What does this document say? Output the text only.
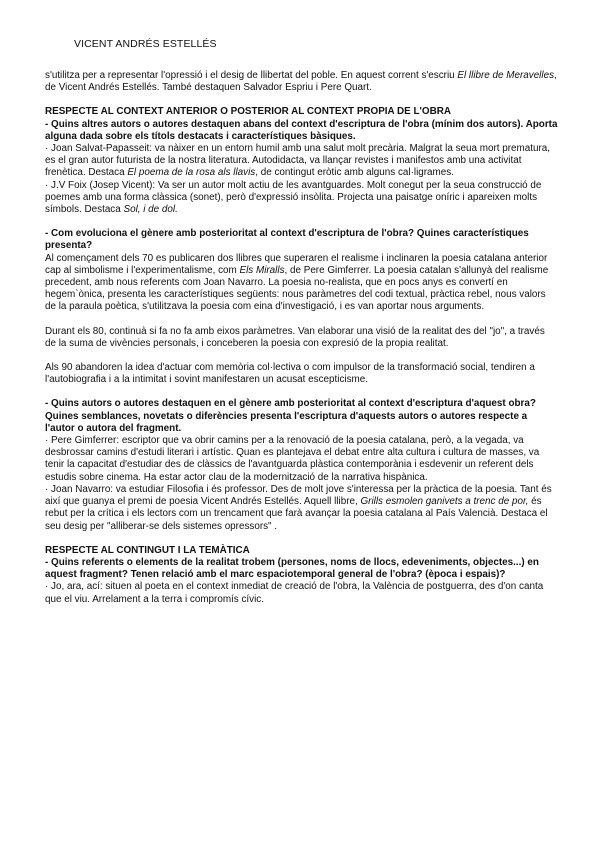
VICENT ANDRÉS ESTELLÉS
s'utilitza per a representar l'opressió i el desig de llibertat del poble. En aquest corrent s'escriu El llibre de Meravelles, de Vicent Andrés Estellés. També destaquen Salvador Espriu i Pere Quart.
RESPECTE AL CONTEXT ANTERIOR O POSTERIOR AL CONTEXT PROPIA DE L'OBRA
- Quins altres autors o autores destaquen abans del context d'escriptura de l'obra (mínim dos autors). Aporta alguna dada sobre els títols destacats i característiques bàsiques.
· Joan Salvat-Papasseit: va nàixer en un entorn humil amb una salut molt precària. Malgrat la seua mort prematura, es el gran autor futurista de la nostra literatura. Autodidacta, va llançar revistes i manifestos amb una activitat frenètica. Destaca El poema de la rosa als llavis, de contingut eròtic amb alguns cal·ligrames.
· J.V Foix (Josep Vicent): Va ser un autor molt actiu de les avantguardes. Molt conegut per la seua construcció de poemes amb una forma clàssica (sonet), però d'expressió insòlita. Projecta una paisatge oníric i apareixen molts símbols. Destaca Sol, i de dol.
- Com evoluciona el gènere amb posterioritat al context d'escriptura de l'obra? Quines característiques presenta?
Al començament dels 70 es publicaren dos llibres que superaren el realisme i inclinaren la poesia catalana anterior cap al simbolisme i l'experimentalisme, com Els Miralls, de Pere Gimferrer. La poesia catalan s'allunyà del realisme precedent, amb nous referents com Joan Navarro. La poesia no-realista, que en pocs anys es convertí en hegem`ònica, presenta les característiques següents: nous paràmetres del codi textual, pràctica rebel, nous valors de la paraula poètica, s'utilitzava la poesia com eina d'investigació, i es van aportar nous arguments.
Durant els 80, continuà si fa no fa amb eixos paràmetres. Van elaborar una visió de la realitat des del "jo", a través de la suma de vivències personals, i conceberen la poesia con expresió de la propia realitat.
Als 90 abandoren la idea d'actuar com memòria col·lectiva o com impulsor de la transformació social, tendiren a l'autobiografia i a la intimitat i sovint manifestaren un acusat escepticisme.
- Quins autors o autores destaquen en el gènere amb posterioritat al context d'escriptura d'aquest obra? Quines semblances, novetats o diferències presenta l'escriptura d'aquests autors o autores respecte a l'autor o autora del fragment.
· Pere Gimferrer: escriptor que va obrir camins per a la renovació de la poesia catalana, però, a la vegada, va desbrossar camins d'estudi literari i artístic. Quan es plantejava el debat entre alta cultura i cultura de masses, va tenir la capacitat d'estudiar des de clàssics de l'avantguarda plàstica contemporània i esdevenir un referent dels estudis sobre cinema. Ha estar actor clau de la modernització de la narrativa hispànica.
· Joan Navarro: va estudiar Filosofia i és professor. Des de molt jove s'interessa per la pràctica de la poesia. Tant és així que guanya el premi de poesia Vicent Andrés Estellés. Aquell llibre, Grills esmolen ganivets a trenc de por, és rebut per la crítica i els lectors com un trencament que farà avançar la poesia catalana al País Valencià. Destaca el seu desig per "alliberar-se dels sistemes opressors" .
RESPECTE AL CONTINGUT I LA TEMÀTICA
- Quins referents o elements de la realitat trobem (persones, noms de llocs, edeveniments, objectes...) en aquest fragment? Tenen relació amb el marc espaciotemporal general de l'obra? (època i espais)?
· Jo, ara, ací: situen al poeta en el context inmediat de creació de l'obra, la València de postguerra, des d'on canta que el viu. Arrelament a la terra i compromís cívic.
